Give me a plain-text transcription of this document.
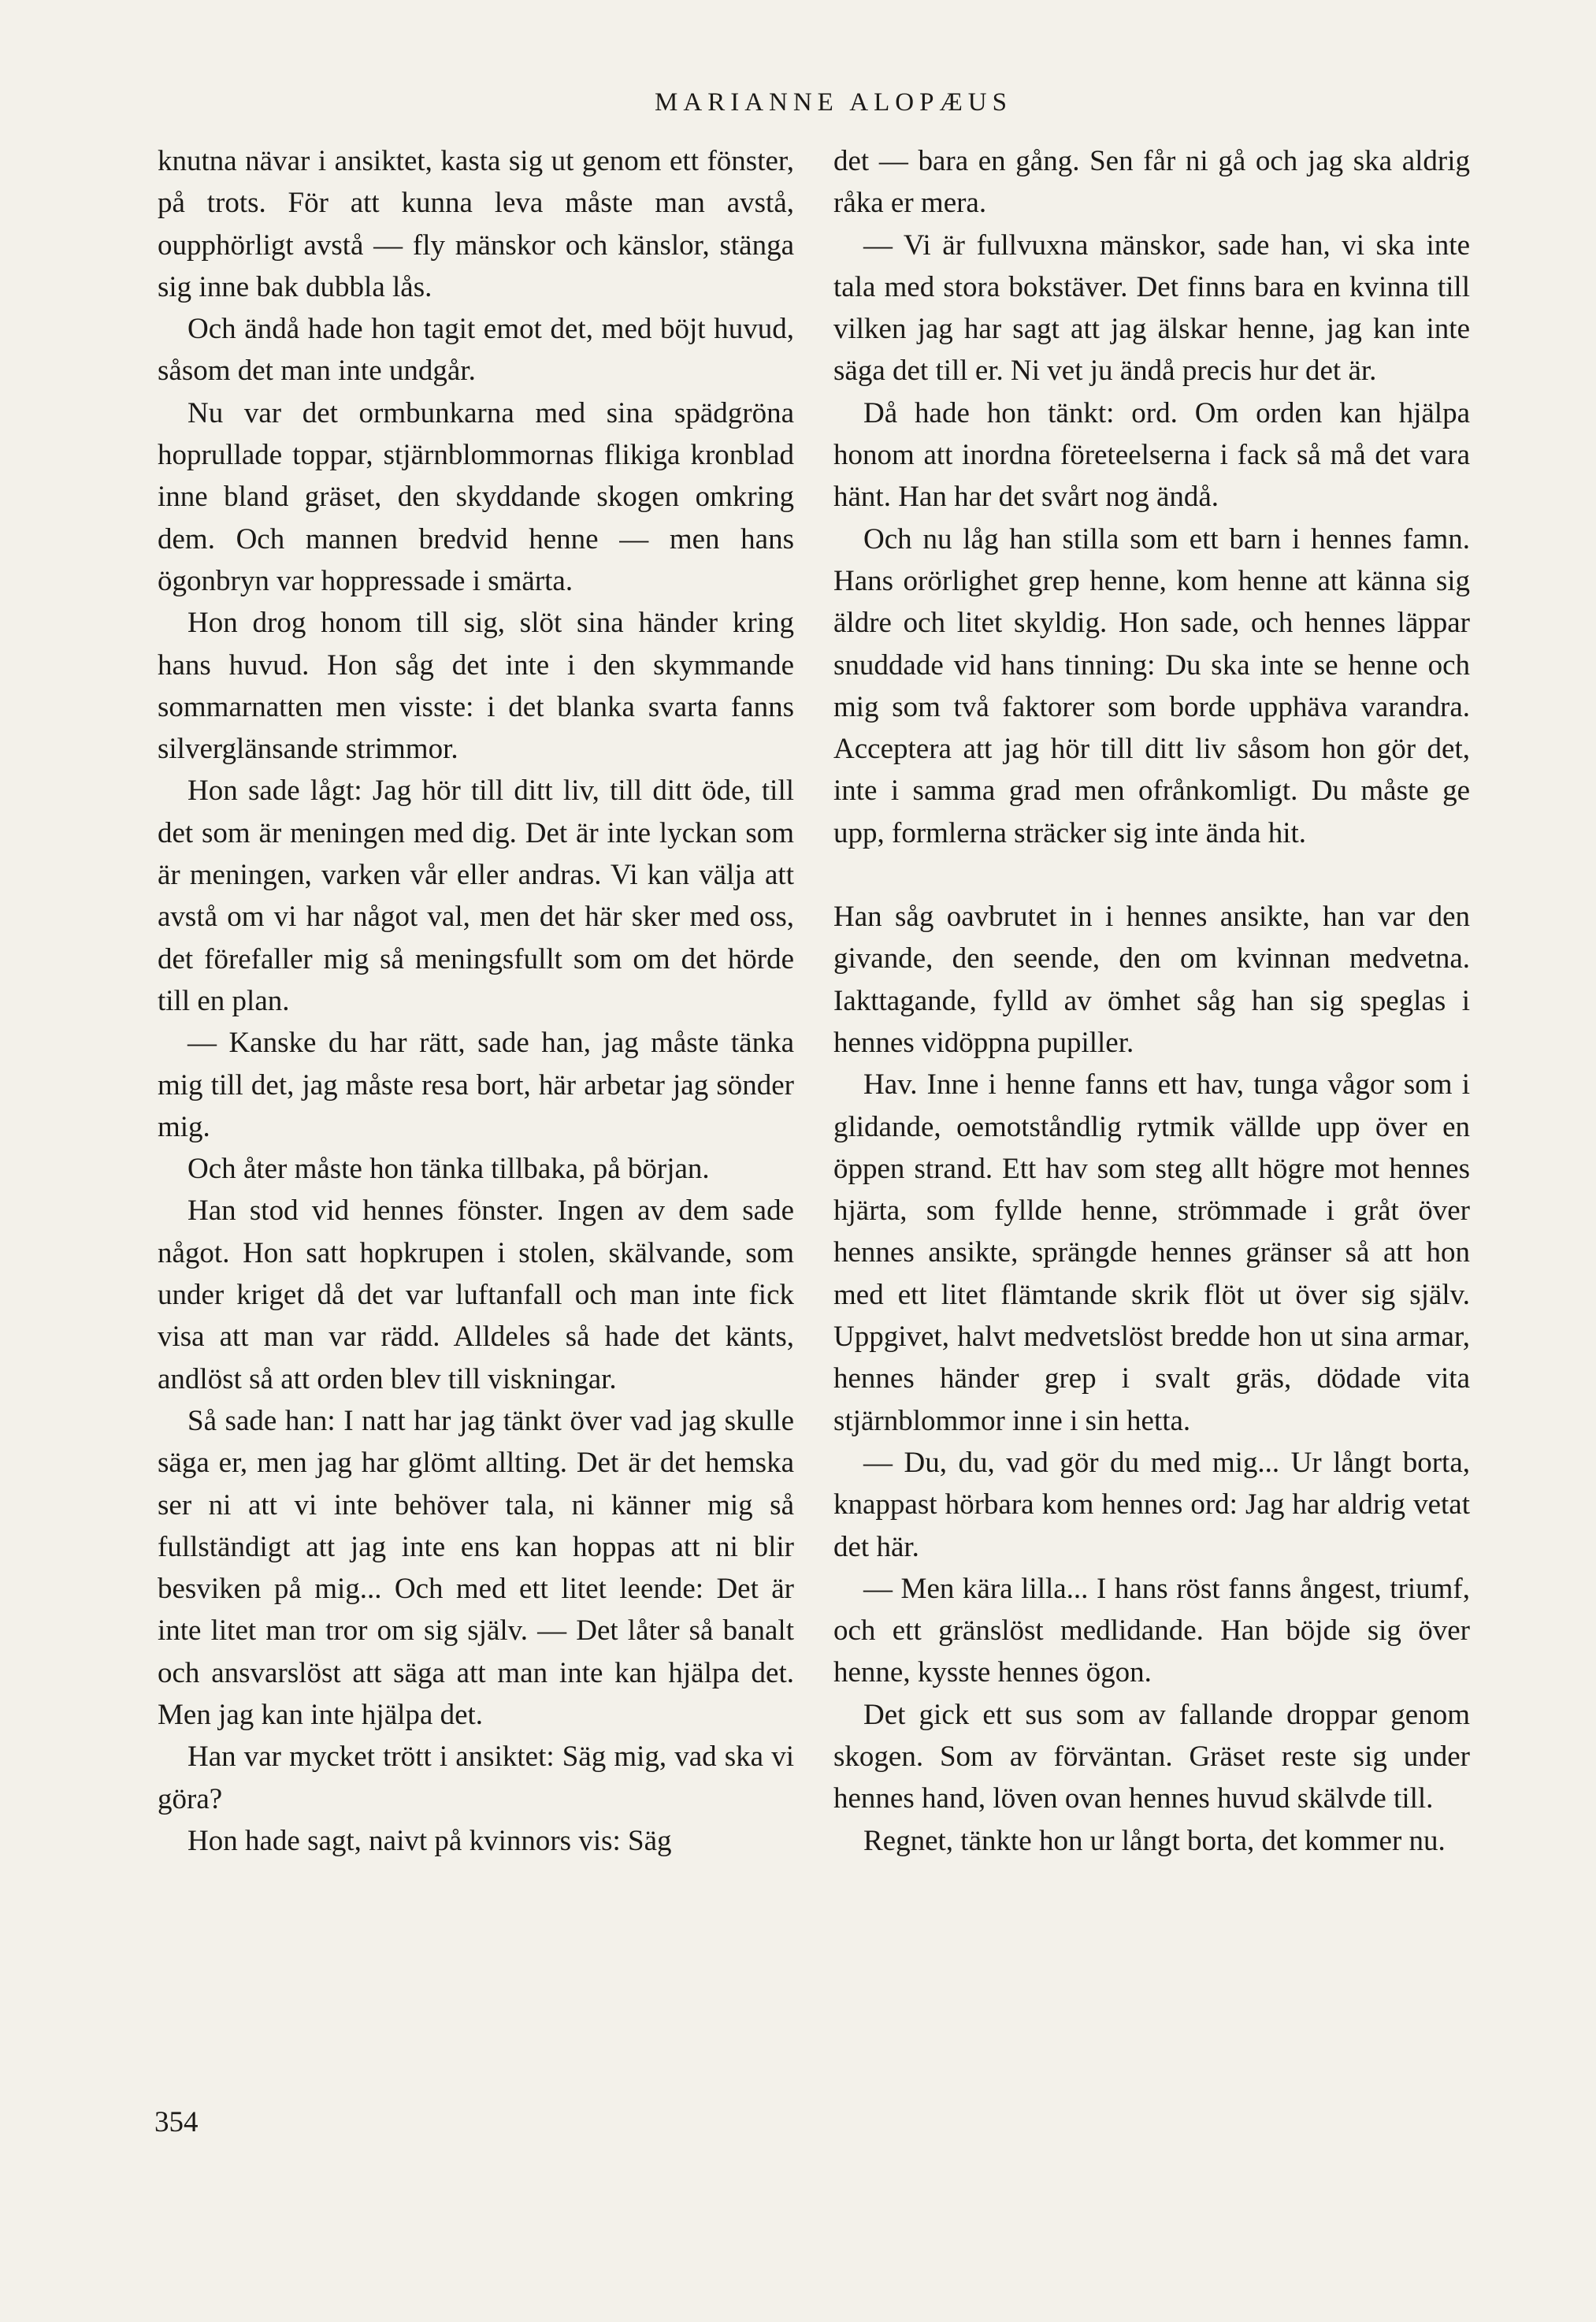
MARIANNE ALOPÆUS

knutna nävar i ansiktet, kasta sig ut genom ett fönster, på trots. För att kunna leva måste man avstå, oupphörligt avstå — fly mänskor och känslor, stänga sig inne bak dubbla lås.

Och ändå hade hon tagit emot det, med böjt huvud, såsom det man inte undgår.

Nu var det ormbunkarna med sina spädgröna hoprullade toppar, stjärnblommornas flikiga kronblad inne bland gräset, den skyddande skogen omkring dem. Och mannen bredvid henne — men hans ögonbryn var hoppressade i smärta.

Hon drog honom till sig, slöt sina händer kring hans huvud. Hon såg det inte i den skymmande sommarnatten men visste: i det blanka svarta fanns silverglänsande strimmor.

Hon sade lågt: Jag hör till ditt liv, till ditt öde, till det som är meningen med dig. Det är inte lyckan som är meningen, varken vår eller andras. Vi kan välja att avstå om vi har något val, men det här sker med oss, det förefaller mig så meningsfullt som om det hörde till en plan.

— Kanske du har rätt, sade han, jag måste tänka mig till det, jag måste resa bort, här arbetar jag sönder mig.

Och åter måste hon tänka tillbaka, på början.

Han stod vid hennes fönster. Ingen av dem sade något. Hon satt hopkrupen i stolen, skälvande, som under kriget då det var luftanfall och man inte fick visa att man var rädd. Alldeles så hade det känts, andlöst så att orden blev till viskningar.

Så sade han: I natt har jag tänkt över vad jag skulle säga er, men jag har glömt allting. Det är det hemska ser ni att vi inte behöver tala, ni känner mig så fullständigt att jag inte ens kan hoppas att ni blir besviken på mig... Och med ett litet leende: Det är inte litet man tror om sig själv. — Det låter så banalt och ansvarslöst att säga att man inte kan hjälpa det. Men jag kan inte hjälpa det.

Han var mycket trött i ansiktet: Säg mig, vad ska vi göra?

Hon hade sagt, naivt på kvinnors vis: Säg

det — bara en gång. Sen får ni gå och jag ska aldrig råka er mera.

— Vi är fullvuxna mänskor, sade han, vi ska inte tala med stora bokstäver. Det finns bara en kvinna till vilken jag har sagt att jag älskar henne, jag kan inte säga det till er. Ni vet ju ändå precis hur det är.

Då hade hon tänkt: ord. Om orden kan hjälpa honom att inordna företeelserna i fack så må det vara hänt. Han har det svårt nog ändå.

Och nu låg han stilla som ett barn i hennes famn. Hans orörlighet grep henne, kom henne att känna sig äldre och litet skyldig. Hon sade, och hennes läppar snuddade vid hans tinning: Du ska inte se henne och mig som två faktorer som borde upphäva varandra. Acceptera att jag hör till ditt liv såsom hon gör det, inte i samma grad men ofrånkomligt. Du måste ge upp, formlerna sträcker sig inte ända hit.

Han såg oavbrutet in i hennes ansikte, han var den givande, den seende, den om kvinnan medvetna. Iakttagande, fylld av ömhet såg han sig speglas i hennes vidöppna pupiller.

Hav. Inne i henne fanns ett hav, tunga vågor som i glidande, oemotståndlig rytmik vällde upp över en öppen strand. Ett hav som steg allt högre mot hennes hjärta, som fyllde henne, strömmade i gråt över hennes ansikte, sprängde hennes gränser så att hon med ett litet flämtande skrik flöt ut över sig själv. Uppgivet, halvt medvetslöst bredde hon ut sina armar, hennes händer grep i svalt gräs, dödade vita stjärnblommor inne i sin hetta.

— Du, du, vad gör du med mig... Ur långt borta, knappast hörbara kom hennes ord: Jag har aldrig vetat det här.

— Men kära lilla... I hans röst fanns ångest, triumf, och ett gränslöst medlidande. Han böjde sig över henne, kysste hennes ögon.

Det gick ett sus som av fallande droppar genom skogen. Som av förväntan. Gräset reste sig under hennes hand, löven ovan hennes huvud skälvde till.

Regnet, tänkte hon ur långt borta, det kommer nu.

354
